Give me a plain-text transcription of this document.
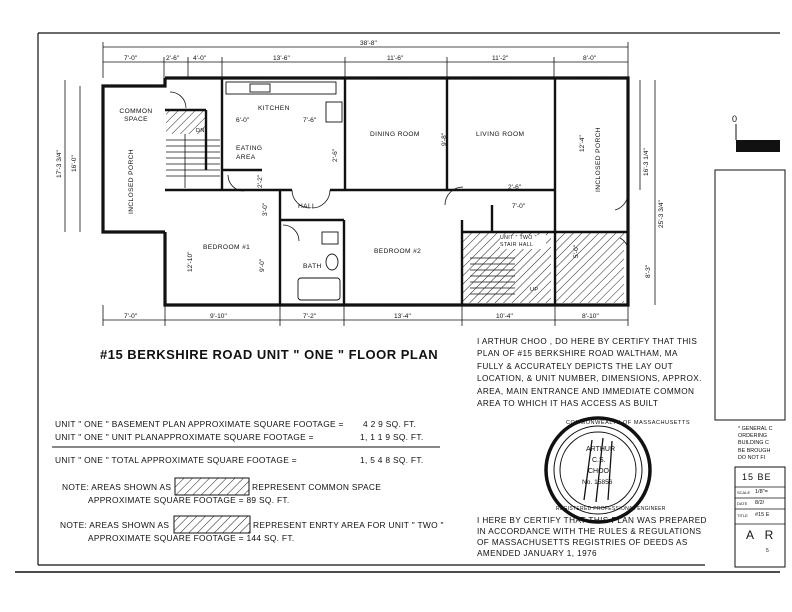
38'-8"
7'-0"	2'-6" 4'-0"	13'-6"	11'-6"	11'-2"	8'-0"
7'-0"	9'-10"	7'-2"	13'-4"	10'-4"	8'-10"
17'-3 3/4" 16'-0"	16'-3 1/4"
25'-3 3/4"
COMMON SPACE
INCLOSED PORCH
KITCHEN
EATING AREA
DINING ROOM	LIVING ROOM	INCLOSED PORCH
HALL
BEDROOM #1
BATH
BEDROOM #2
UNIT " TWO " STAIR HALL
UP
DN
6'-0"	7'-6"
2'-6"
9'-8"	12'-4"
2'-6"
7'-0"
12'-10"	9'-0"
2'-2"
3'-0"
5'-0"
8'-3"
#15 BERKSHIRE ROAD UNIT " ONE " FLOOR PLAN
I ARTHUR CHOO , DO HERE BY CERTIFY THAT THIS
PLAN OF #15 BERKSHIRE ROAD WALTHAM, MA
FULLY & ACCURATELY DEPICTS THE LAY OUT
LOCATION, & UNIT NUMBER, DIMENSIONS, APPROX.
AREA, MAIN ENTRANCE AND IMMEDIATE COMMON
AREA TO WHICH IT HAS ACCESS AS BUILT
UNIT " ONE " BASEMENT PLAN APPROXIMATE SQUARE FOOTAGE = 4 2 9 SQ. FT.
UNIT " ONE " UNIT PLANAPPROXIMATE SQUARE FOOTAGE =	1, 1 1 9 SQ. FT.
UNIT " ONE " TOTAL APPROXIMATE SQUARE FOOTAGE =	1, 5 4 8 SQ. FT.
NOTE: AREAS SHOWN AS	REPRESENT COMMON SPACE
APPROXIMATE SQUARE FOOTAGE = 89 SQ. FT.
NOTE: AREAS SHOWN AS	REPRESENT ENRTY AREA FOR UNIT " TWO "
APPROXIMATE SQUARE FOOTAGE = 144 SQ. FT.
I HERE BY CERTIFY THAT THIS PLAN WAS PREPARED
IN ACCORDANCE WITH THE RULES & REGULATIONS
OF MASSACHUSETTS REGISTRIES OF DEEDS AS
AMENDED JANUARY 1, 1976
COMMONWEALTH OF MASSACHUSETTS
ARTHUR
C.S.
CHOO
No. 15856
REGISTERED PROFESSIONAL ENGINEER
0
* GENERAL C
ORDERING
BUILDING C
BE BROUGH
DO NOT FI
15 BE
SCALE 1/8"=
DATE 8/2/
TITLE #15 E
A R
5
